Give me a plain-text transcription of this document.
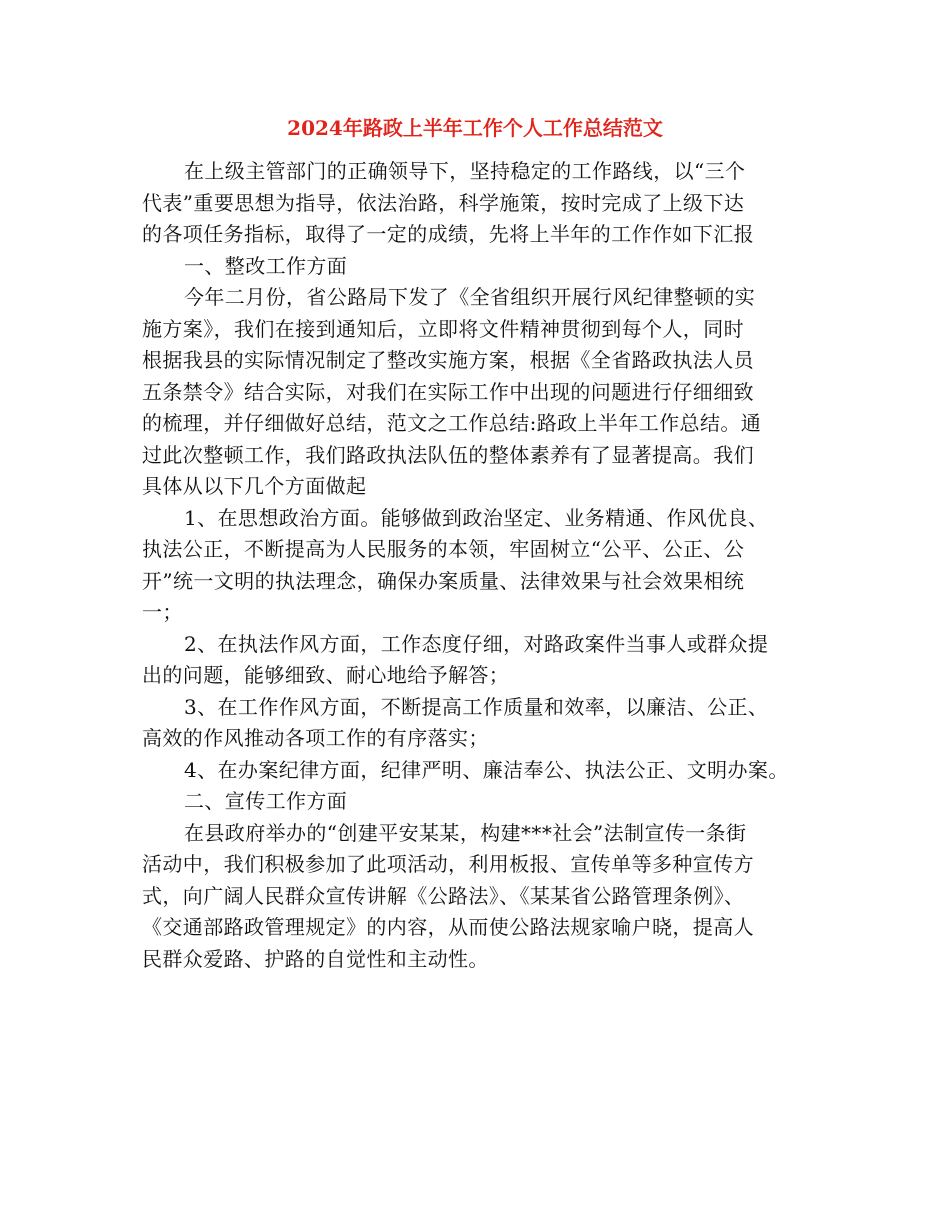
2024年路政上半年工作个人工作总结范文
在上级主管部门的正确领导下，坚持稳定的工作路线，以“三个
代表”重要思想为指导，依法治路，科学施策，按时完成了上级下达
的各项任务指标，取得了一定的成绩，先将上半年的工作作如下汇报
一、整改工作方面
今年二月份，省公路局下发了《全省组织开展行风纪律整顿的实
施方案》，我们在接到通知后，立即将文件精神贯彻到每个人，同时
根据我县的实际情况制定了整改实施方案，根据《全省路政执法人员
五条禁令》结合实际，对我们在实际工作中出现的问题进行仔细细致
的梳理，并仔细做好总结，范文之工作总结:路政上半年工作总结。通
过此次整顿工作，我们路政执法队伍的整体素养有了显著提高。我们
具体从以下几个方面做起
1、在思想政治方面。能够做到政治坚定、业务精通、作风优良、
执法公正，不断提高为人民服务的本领，牢固树立“公平、公正、公
开”统一文明的执法理念，确保办案质量、法律效果与社会效果相统
一；
2、在执法作风方面，工作态度仔细，对路政案件当事人或群众提
出的问题，能够细致、耐心地给予解答；
3、在工作作风方面，不断提高工作质量和效率，以廉洁、公正、
高效的作风推动各项工作的有序落实；
4、在办案纪律方面，纪律严明、廉洁奉公、执法公正、文明办案。
二、宣传工作方面
在县政府举办的“创建平安某某，构建***社会”法制宣传一条街
活动中，我们积极参加了此项活动，利用板报、宣传单等多种宣传方
式，向广阔人民群众宣传讲解《公路法》、《某某省公路管理条例》、
《交通部路政管理规定》的内容，从而使公路法规家喻户晓，提高人
民群众爱路、护路的自觉性和主动性。
